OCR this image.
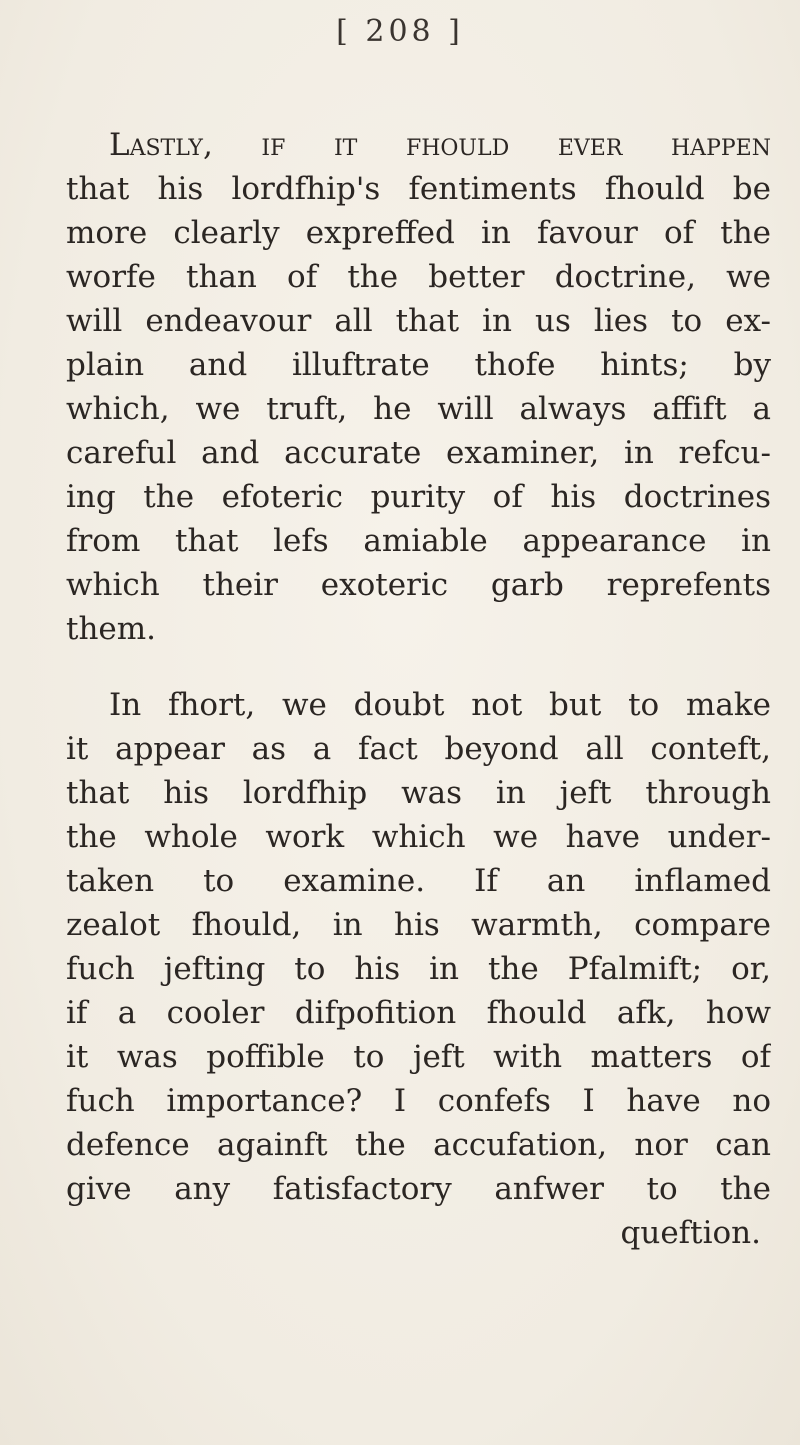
[ 208 ]
Lastly, if it fhould ever happen
that his lordfhip's fentiments fhould be
more clearly expreffed in favour of the
worfe than of the better doctrine, we
will endeavour all that in us lies to ex-
plain and illuftrate thofe hints; by
which, we truft, he will always affift a
careful and accurate examiner, in refcu-
ing the efoteric purity of his doctrines
from that lefs amiable appearance in
which their exoteric garb reprefents
them.
In fhort, we doubt not but to make
it appear as a fact beyond all conteft,
that his lordfhip was in jeft through
the whole work which we have under-
taken to examine. If an inflamed
zealot fhould, in his warmth, compare
fuch jefting to his in the Pfalmift; or,
if a cooler difpofition fhould afk, how
it was poffible to jeft with matters of
fuch importance? I confefs I have no
defence againft the accufation, nor can
give any fatisfactory anfwer to the
queftion.
